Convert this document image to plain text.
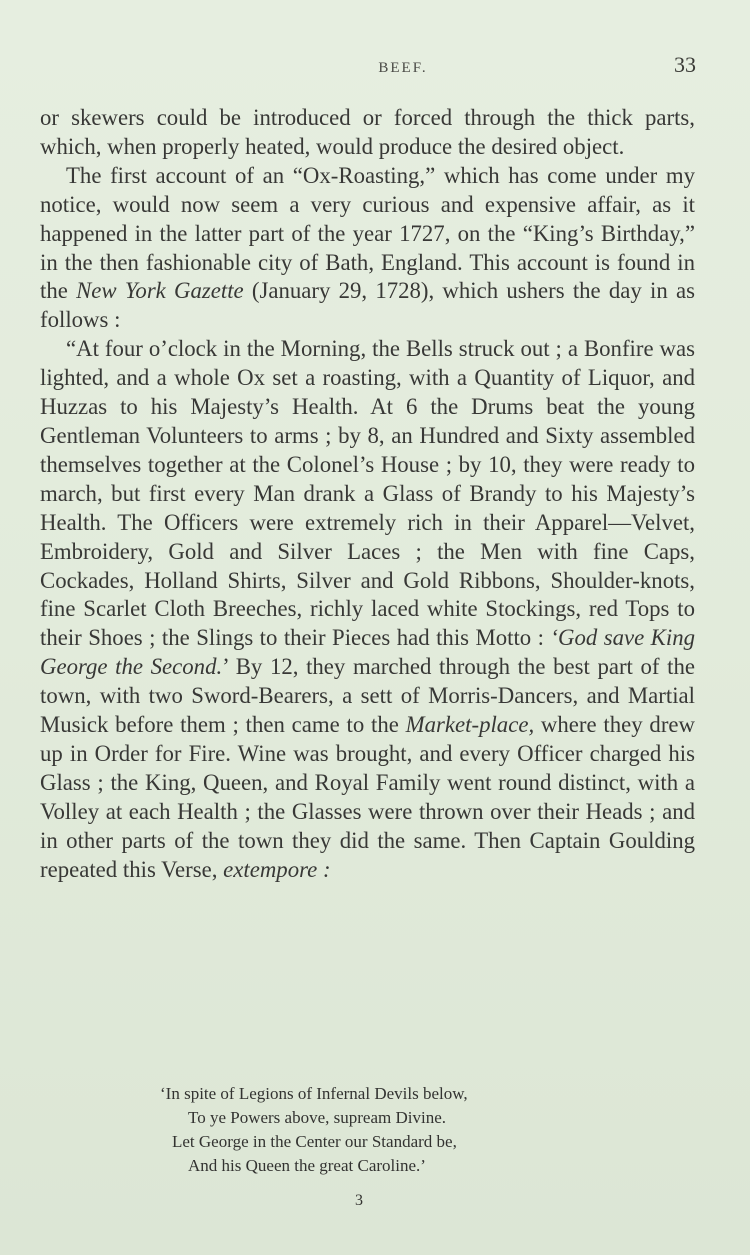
BEEF.	33

or skewers could be introduced or forced through the thick parts, which, when properly heated, would produce the desired object.

The first account of an “Ox-Roasting,” which has come under my notice, would now seem a very curious and expensive affair, as it happened in the latter part of the year 1727, on the “King’s Birthday,” in the then fashionable city of Bath, England. This account is found in the New York Gazette (January 29, 1728), which ushers the day in as follows :

“At four o’clock in the Morning, the Bells struck out ; a Bonfire was lighted, and a whole Ox set a roasting, with a Quantity of Liquor, and Huzzas to his Majesty’s Health. At 6 the Drums beat the young Gentleman Volunteers to arms ; by 8, an Hundred and Sixty assembled themselves together at the Colonel’s House ; by 10, they were ready to march, but first every Man drank a Glass of Brandy to his Majesty’s Health. The Officers were extremely rich in their Apparel—Velvet, Embroidery, Gold and Silver Laces ; the Men with fine Caps, Cockades, Holland Shirts, Silver and Gold Ribbons, Shoulder-knots, fine Scarlet Cloth Breeches, richly laced white Stockings, red Tops to their Shoes ; the Slings to their Pieces had this Motto : ‘God save King George the Second.’ By 12, they marched through the best part of the town, with two Sword-Bearers, a sett of Morris-Dancers, and Martial Musick before them ; then came to the Market-place, where they drew up in Order for Fire. Wine was brought, and every Officer charged his Glass ; the King, Queen, and Royal Family went round distinct, with a Volley at each Health ; the Glasses were thrown over their Heads ; and in other parts of the town they did the same. Then Captain Goulding repeated this Verse, extempore :

‘In spite of Legions of Infernal Devils below,
To ye Powers above, supream Divine.
Let George in the Center our Standard be,
And his Queen the great Caroline.’
3
